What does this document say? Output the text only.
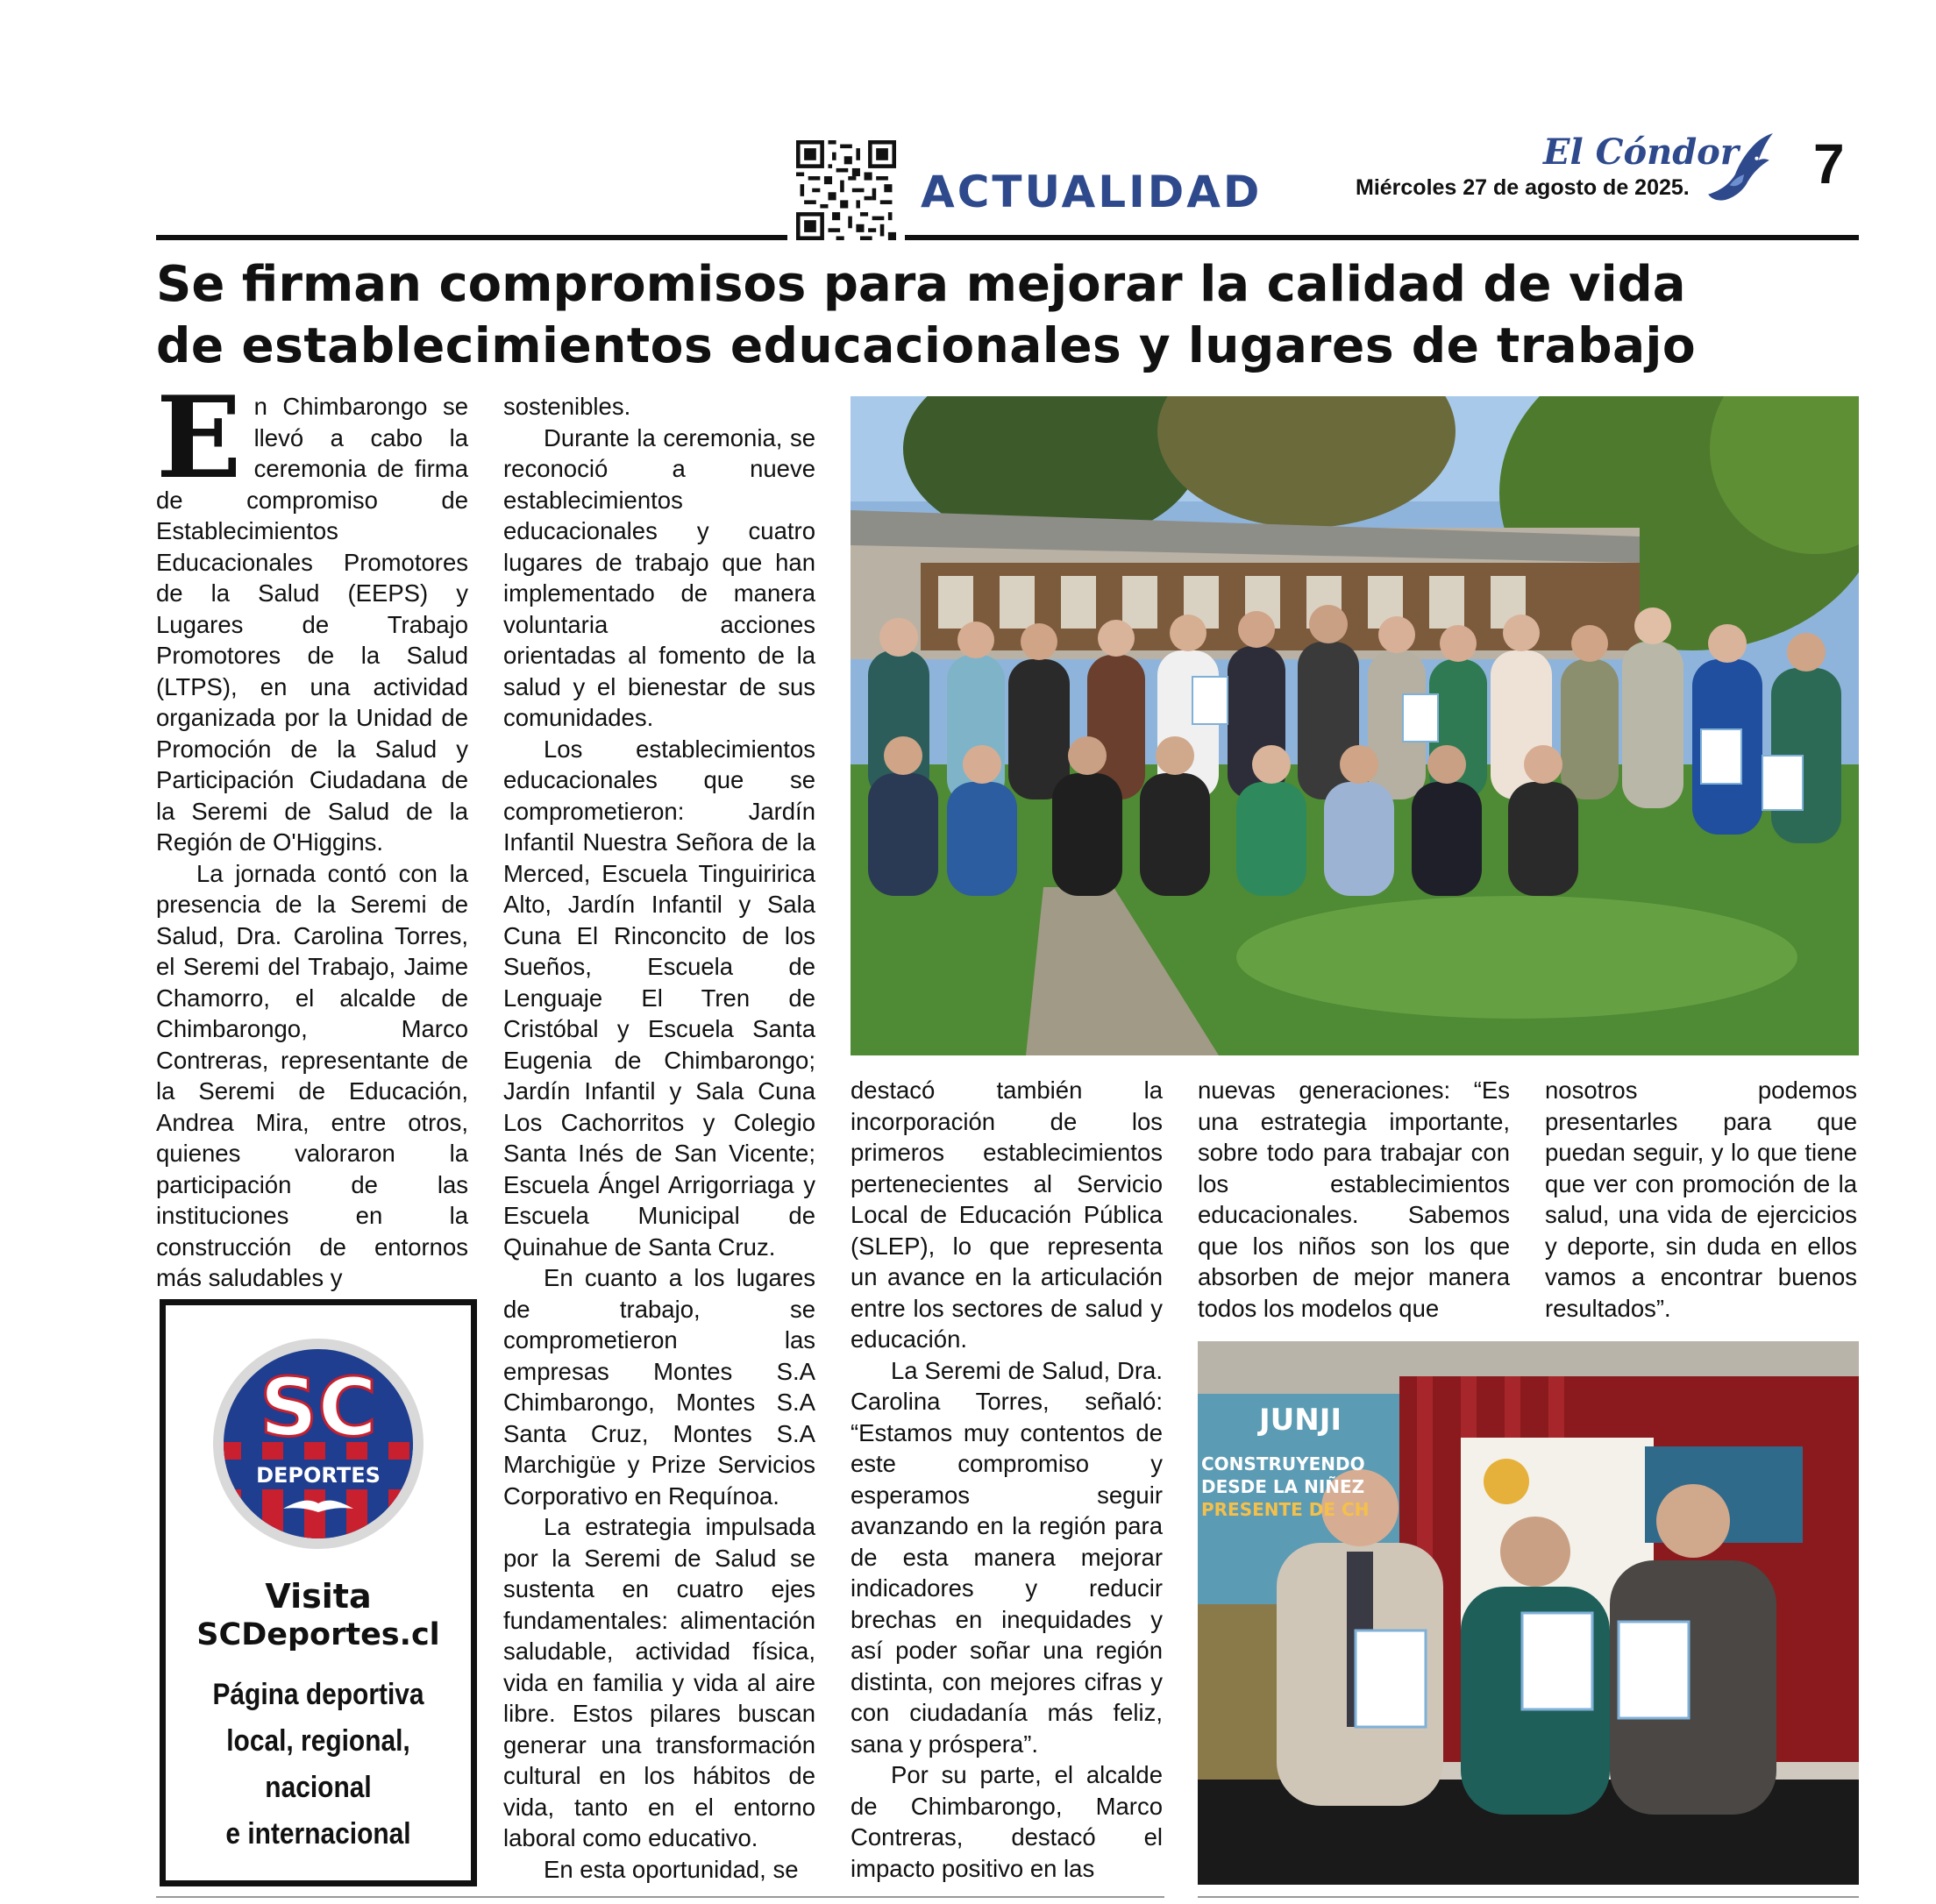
ACTUALIDAD
El Cóndor
Miércoles 27 de agosto de 2025. 7
Se firman compromisos para mejorar la calidad de vida
de establecimientos educacionales y lugares de trabajo
E n Chimbarongo se llevó a cabo la ceremonia de firma de compromiso de Establecimientos Educacionales Promotores de la Salud (EEPS) y Lugares de Trabajo Promotores de la Salud (LTPS), en una actividad organizada por la Unidad de Promoción de la Salud y Participación Ciudadana de la Seremi de Salud de la Región de O'Higgins.

La jornada contó con la presencia de la Seremi de Salud, Dra. Carolina Torres, el Seremi del Trabajo, Jaime Chamorro, el alcalde de Chimbarongo, Marco Contreras, representante de la Seremi de Educación, Andrea Mira, entre otros, quienes valoraron la participación de las instituciones en la construcción de entornos más saludables y

sostenibles.

Durante la ceremonia, se reconoció a nueve establecimientos educacionales y cuatro lugares de trabajo que han implementado de manera voluntaria acciones orientadas al fomento de la salud y el bienestar de sus comunidades.

Los establecimientos educacionales que se comprometieron: Jardín Infantil Nuestra Señora de la Merced, Escuela Tinguiririca Alto, Jardín Infantil y Sala Cuna El Rinconcito de los Sueños, Escuela de Lenguaje El Tren de Cristóbal y Escuela Santa Eugenia de Chimbarongo; Jardín Infantil y Sala Cuna Los Cachorritos y Colegio Santa Inés de San Vicente; Escuela Ángel Arrigorriaga y Escuela Municipal de Quinahue de Santa Cruz.

En cuanto a los lugares de trabajo, se comprometieron las empresas Montes S.A Chimbarongo, Montes S.A Santa Cruz, Montes S.A Marchigüe y Prize Servicios Corporativo en Requínoa.

La estrategia impulsada por la Seremi de Salud se sustenta en cuatro ejes fundamentales: alimentación saludable, actividad física, vida en familia y vida al aire libre. Estos pilares buscan generar una transformación cultural en los hábitos de vida, tanto en el entorno laboral como educativo.

En esta oportunidad, se

destacó también la incorporación de los primeros establecimientos pertenecientes al Servicio Local de Educación Pública (SLEP), lo que representa un avance en la articulación entre los sectores de salud y educación.

La Seremi de Salud, Dra. Carolina Torres, señaló: “Estamos muy contentos de este compromiso y esperamos seguir avanzando en la región para de esta manera mejorar indicadores y reducir brechas en inequidades y así poder soñar una región distinta, con mejores cifras y con ciudadanía más feliz, sana y próspera”.

Por su parte, el alcalde de Chimbarongo, Marco Contreras, destacó el impacto positivo en las

nuevas generaciones: “Es una estrategia importante, sobre todo para trabajar con los establecimientos educacionales. Sabemos que los niños son los que absorben de mejor manera todos los modelos que

nosotros podemos presentarles para que puedan seguir, y lo que tiene que ver con promoción de la salud, una vida de ejercicios y deporte, sin duda en ellos vamos a encontrar buenos resultados”.

JUNJI
CONSTRUYENDO
DESDE LA NIÑEZ
PRESENTE DE CH
SC
DEPORTES
Visita
SCDeportes.cl
Página deportiva
local, regional,
nacional
e internacional
